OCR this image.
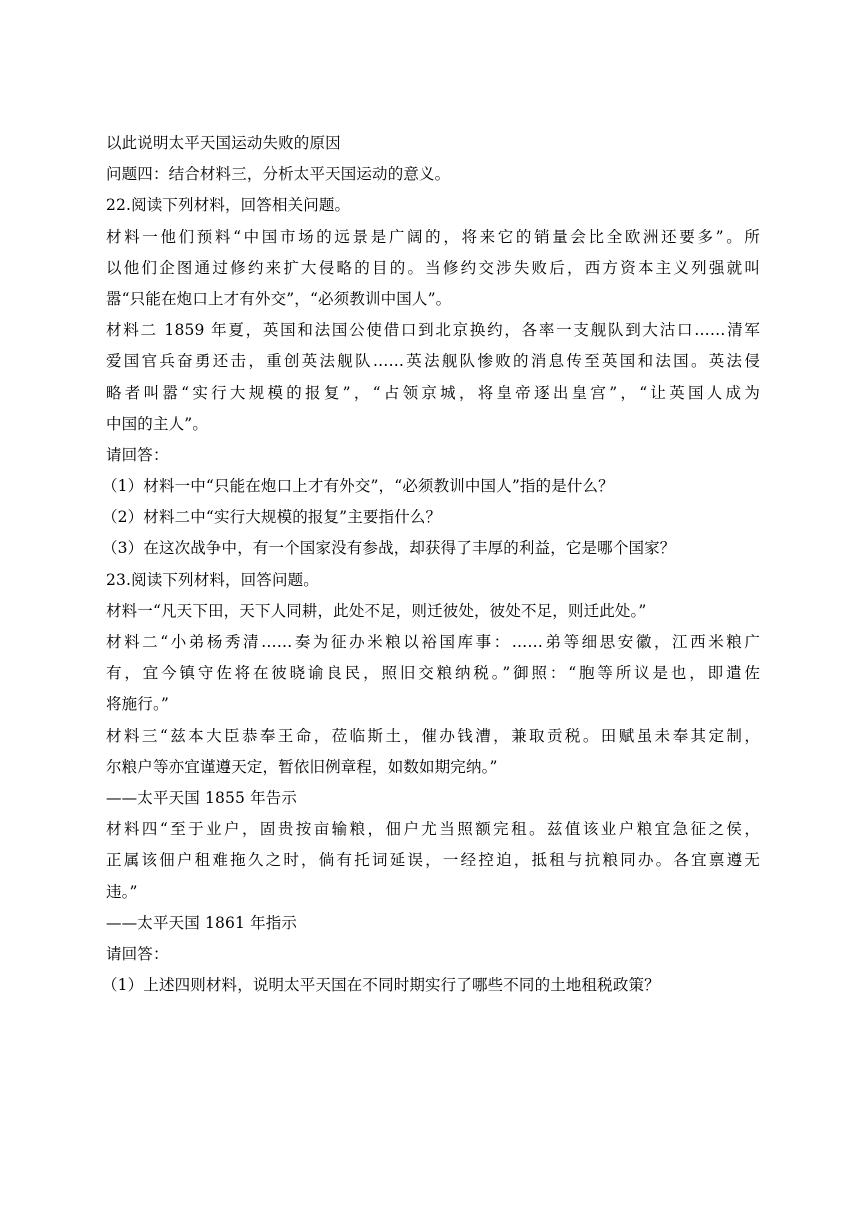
以此说明太平天国运动失败的原因
问题四：结合材料三，分析太平天国运动的意义。
22.阅读下列材料，回答相关问题。
材料一他们预料“中国市场的远景是广阔的，将来它的销量会比全欧洲还要多”。所
以他们企图通过修约来扩大侵略的目的。当修约交涉失败后，西方资本主义列强就叫
嚣“只能在炮口上才有外交”，“必须教训中国人”。
材料二 1859 年夏，英国和法国公使借口到北京换约，各率一支舰队到大沽口……清军
爱国官兵奋勇还击，重创英法舰队……英法舰队惨败的消息传至英国和法国。英法侵
略者叫嚣“实行大规模的报复”，“占领京城，将皇帝逐出皇宫”，“让英国人成为
中国的主人”。
请回答：
（1）材料一中“只能在炮口上才有外交”，“必须教训中国人”指的是什么？
（2）材料二中“实行大规模的报复”主要指什么？
（3）在这次战争中，有一个国家没有参战，却获得了丰厚的利益，它是哪个国家？
23.阅读下列材料，回答问题。
材料一“凡天下田，天下人同耕，此处不足，则迁彼处，彼处不足，则迁此处。”
材料二“小弟杨秀清……奏为征办米粮以裕国库事：……弟等细思安徽，江西米粮广
有，宜今镇守佐将在彼晓谕良民，照旧交粮纳税。”御照：“胞等所议是也，即遣佐
将施行。”
材料三“兹本大臣恭奉王命，莅临斯土，催办钱漕，兼取贡税。田赋虽未奉其定制，
尔粮户等亦宜谨遵天定，暂依旧例章程，如数如期完纳。”
——太平天国 1855 年告示
材料四“至于业户，固贵按亩输粮，佃户尤当照额完租。兹值该业户粮宜急征之侯，
正属该佃户租难拖久之时，倘有托词延误，一经控迫，抵租与抗粮同办。各宜禀遵无
违。”
——太平天国 1861 年指示
请回答：
（1）上述四则材料，说明太平天国在不同时期实行了哪些不同的土地租税政策？
